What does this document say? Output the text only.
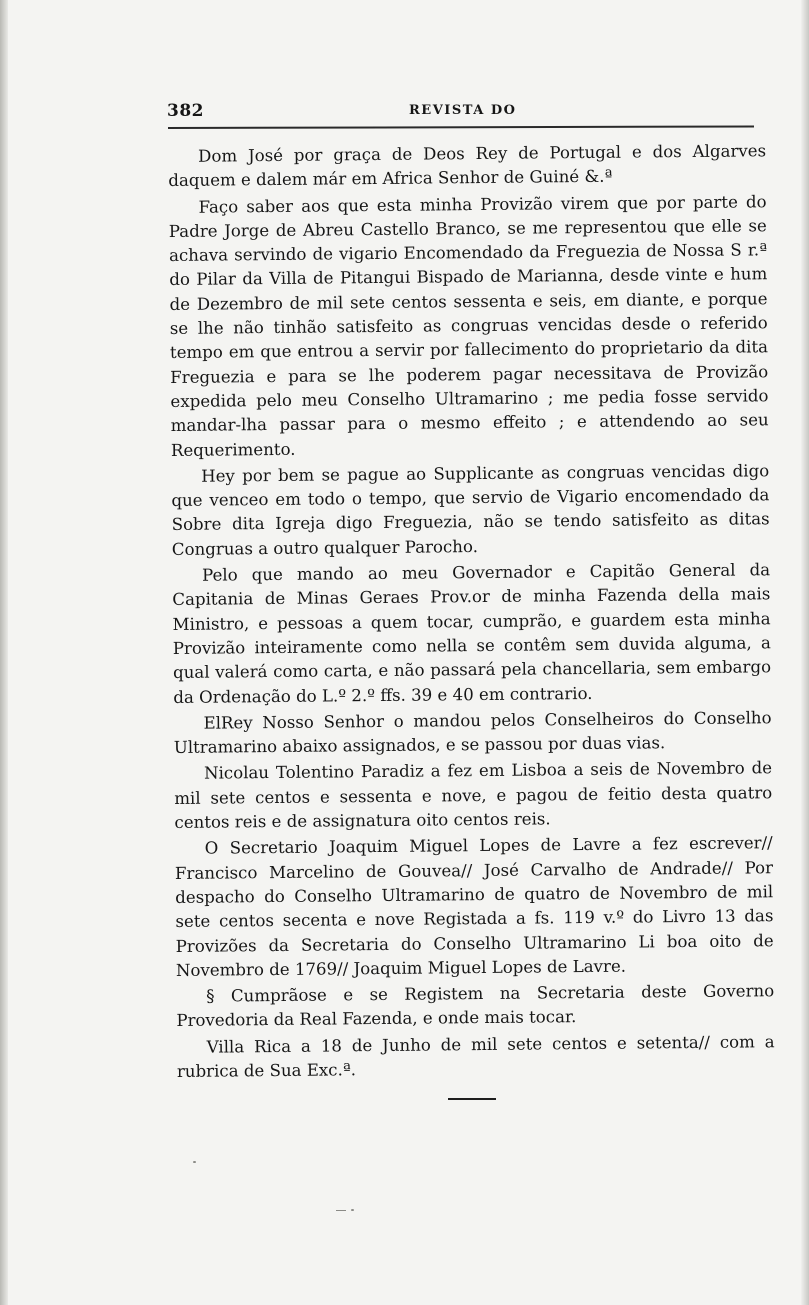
382	REVISTA DO

Dom José por graça de Deos Rey de Portugal e dos Algarves daquem e dalem már em Africa Senhor de Guiné &.ª

Faço saber aos que esta minha Provizão virem que por parte do Padre Jorge de Abreu Castello Branco, se me representou que elle se achava servindo de vigario Encomendado da Freguezia de Nossa S r.ª do Pilar da Villa de Pitangui Bispado de Marianna, desde vinte e hum de Dezembro de mil sete centos sessenta e seis, em diante, e porque se lhe não tinhão satisfeito as congruas vencidas desde o referido tempo em que entrou a servir por fallecimento do proprietario da dita Freguezia e para se lhe poderem pagar necessitava de Provizão expedida pelo meu Conselho Ultramarino ; me pedia fosse servido mandar-lha passar para o mesmo effeito ; e attendendo ao seu Requerimento.

Hey por bem se pague ao Supplicante as congruas vencidas digo que venceo em todo o tempo, que servio de Vigario encomendado da Sobre dita Igreja digo Freguezia, não se tendo satisfeito as ditas Congruas a outro qualquer Parocho.

Pelo que mando ao meu Governador e Capitão General da Capitania de Minas Geraes Prov.or de minha Fazenda della mais Ministro, e pessoas a quem tocar, cumprão, e guardem esta minha Provizão inteiramente como nella se contêm sem duvida alguma, a qual valerá como carta, e não passará pela chancellaria, sem embargo da Ordenação do L.º 2.º ffs. 39 e 40 em contrario.

ElRey Nosso Senhor o mandou pelos Conselheiros do Conselho Ultramarino abaixo assignados, e se passou por duas vias.

Nicolau Tolentino Paradiz a fez em Lisboa a seis de Novembro de mil sete centos e sessenta e nove, e pagou de feitio desta quatro centos reis e de assignatura oito centos reis.

O Secretario Joaquim Miguel Lopes de Lavre a fez escrever// Francisco Marcelino de Gouvea// José Carvalho de Andrade// Por despacho do Conselho Ultramarino de quatro de Novembro de mil sete centos secenta e nove Registada a fs. 119 v.º do Livro 13 das Provizões da Secretaria do Conselho Ultramarino Li boa oito de Novembro de 1769// Joaquim Miguel Lopes de Lavre.

§ Cumprãose e se Registem na Secretaria deste Governo Provedoria da Real Fazenda, e onde mais tocar.

Villa Rica a 18 de Junho de mil sete centos e setenta// com a rubrica de Sua Exc.ª.
